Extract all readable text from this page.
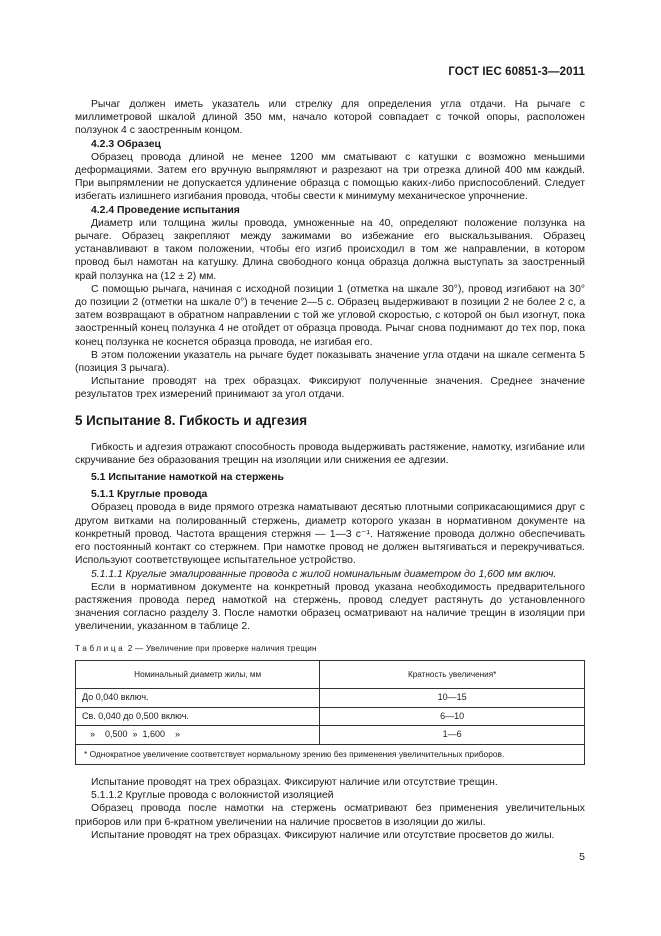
ГОСТ IEC 60851-3—2011

Рычаг должен иметь указатель или стрелку для определения угла отдачи. На рычаге с миллиметровой шкалой длиной 350 мм, начало которой совпадает с точкой опоры, расположен ползунок 4 с заостренным концом.

4.2.3 Образец

Образец провода длиной не менее 1200 мм сматывают с катушки с возможно меньшими деформациями. Затем его вручную выпрямляют и разрезают на три отрезка длиной 400 мм каждый. При выпрямлении не допускается удлинение образца с помощью каких-либо приспособлений. Следует избегать излишнего изгибания провода, чтобы свести к минимуму механическое упрочнение.

4.2.4 Проведение испытания

Диаметр или толщина жилы провода, умноженные на 40, определяют положение ползунка на рычаге. Образец закрепляют между зажимами во избежание его выскальзывания. Образец устанавливают в таком положении, чтобы его изгиб происходил в том же направлении, в котором провод был намотан на катушку. Длина свободного конца образца должна выступать за заостренный край ползунка на (12 ± 2) мм.

С помощью рычага, начиная с исходной позиции 1 (отметка на шкале 30°), провод изгибают на 30° до позиции 2 (отметки на шкале 0°) в течение 2—5 с. Образец выдерживают в позиции 2 не более 2 с, а затем возвращают в обратном направлении с той же угловой скоростью, с которой он был изогнут, пока заостренный конец ползунка 4 не отойдет от образца провода. Рычаг снова поднимают до тех пор, пока конец ползунка не коснется образца провода, не изгибая его.

В этом положении указатель на рычаге будет показывать значение угла отдачи на шкале сегмента 5 (позиция 3 рычага).

Испытание проводят на трех образцах. Фиксируют полученные значения. Среднее значение результатов трех измерений принимают за угол отдачи.

5 Испытание 8. Гибкость и адгезия

Гибкость и адгезия отражают способность провода выдерживать растяжение, намотку, изгибание или скручивание без образования трещин на изоляции или снижения ее адгезии.

5.1 Испытание намоткой на стержень

5.1.1 Круглые провода

Образец провода в виде прямого отрезка наматывают десятью плотными соприкасающимися друг с другом витками на полированный стержень, диаметр которого указан в нормативном документе на конкретный провод. Частота вращения стержня — 1—3 с⁻¹. Натяжение провода должно обеспечивать его постоянный контакт со стержнем. При намотке провод не должен вытягиваться и перекручиваться. Используют соответствующее испытательное устройство.

5.1.1.1 Круглые эмалированные провода с жилой номинальным диаметром до 1,600 мм включ.

Если в нормативном документе на конкретный провод указана необходимость предварительного растяжения провода перед намоткой на стержень, провод следует растянуть до установленного значения согласно разделу 3. После намотки образец осматривают на наличие трещин в изоляции при увеличении, указанном в таблице 2.

Таблица 2 — Увеличение при проверке наличия трещин
Номинальный диаметр жилы, мм	Кратность увеличения*
До 0,040 включ.	10—15
Св. 0,040 до 0,500 включ.	6—10
»    0,500  »  1,600    »	1—6
* Однократное увеличение соответствует нормальному зрению без применения увеличительных приборов.	

Испытание проводят на трех образцах. Фиксируют наличие или отсутствие трещин.

5.1.1.2 Круглые провода с волокнистой изоляцией

Образец провода после намотки на стержень осматривают без применения увеличительных приборов или при 6-кратном увеличении на наличие просветов в изоляции до жилы.

Испытание проводят на трех образцах. Фиксируют наличие или отсутствие просветов до жилы.

5
